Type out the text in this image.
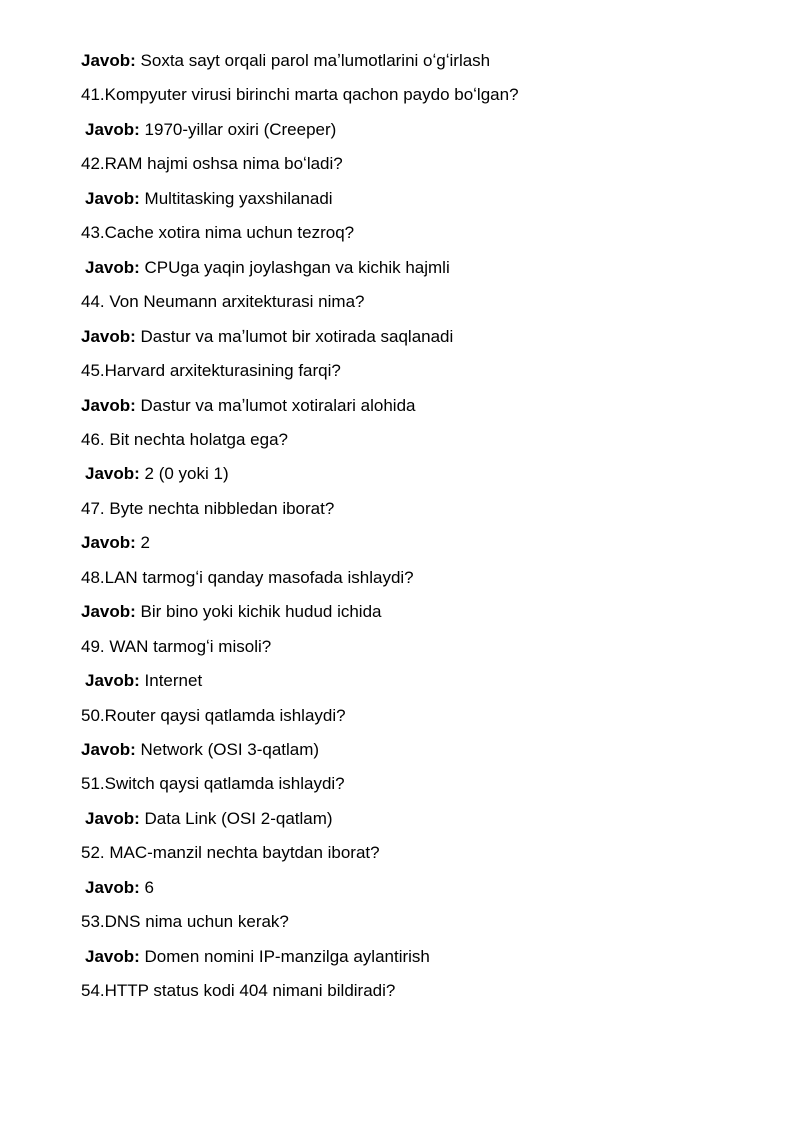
Javob: Soxta sayt orqali parol maʼlumotlarini oʻgʻirlash
41.Kompyuter virusi birinchi marta qachon paydo boʻlgan?
Javob: 1970-yillar oxiri (Creeper)
42.RAM hajmi oshsa nima boʻladi?
Javob: Multitasking yaxshilanadi
43.Cache xotira nima uchun tezroq?
Javob: CPUga yaqin joylashgan va kichik hajmli
44. Von Neumann arxitekturasi nima?
Javob: Dastur va maʼlumot bir xotirada saqlanadi
45.Harvard arxitekturasining farqi?
Javob: Dastur va maʼlumot xotiralari alohida
46. Bit nechta holatga ega?
Javob: 2 (0 yoki 1)
47. Byte nechta nibbledan iborat?
Javob: 2
48.LAN tarmogʻi qanday masofada ishlaydi?
Javob: Bir bino yoki kichik hudud ichida
49. WAN tarmogʻi misoli?
Javob: Internet
50.Router qaysi qatlamda ishlaydi?
Javob: Network (OSI 3-qatlam)
51.Switch qaysi qatlamda ishlaydi?
Javob: Data Link (OSI 2-qatlam)
52. MAC-manzil nechta baytdan iborat?
Javob: 6
53.DNS nima uchun kerak?
Javob: Domen nomini IP-manzilga aylantirish
54.HTTP status kodi 404 nimani bildiradi?
